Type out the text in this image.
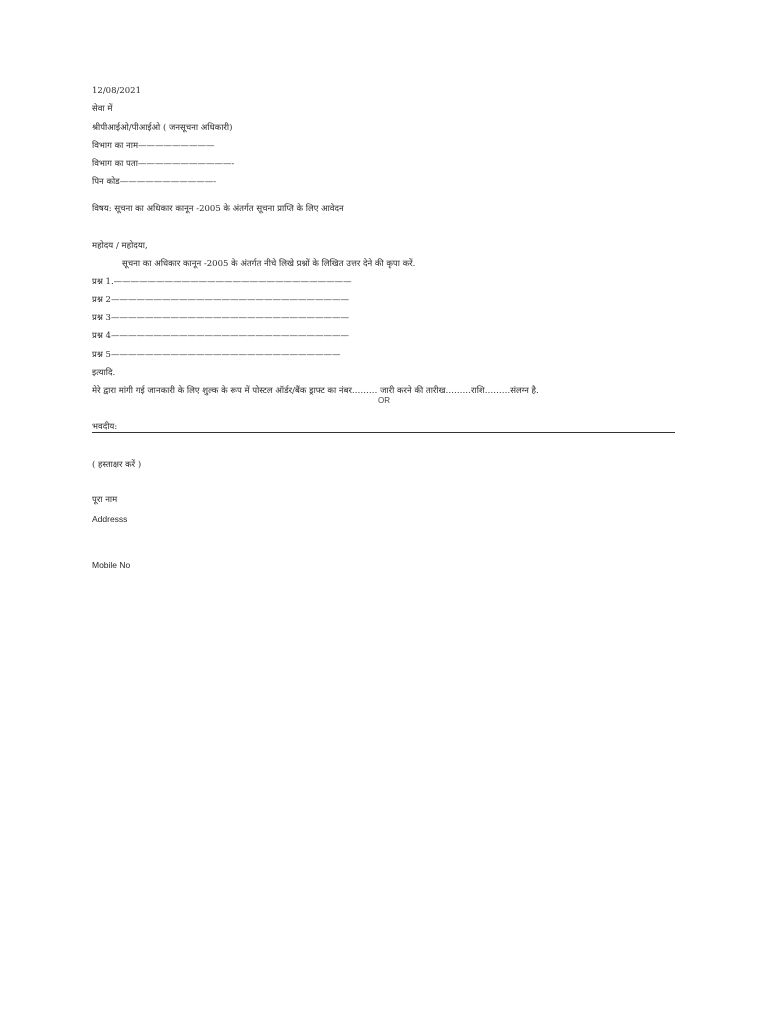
12/08/2021
सेवा में
श्रीपीआईओ/पीआईओ ( जनसूचना अधिकारी)
विभाग का नाम—————————
विभाग का पता———————————-
पिन कोड———————————-
विषय: सूचना का अधिकार कानून -2005 के अंतर्गत सूचना प्राप्ति के लिए आवेदन
महोदय / महोदया,
सूचना का अधिकार कानून -2005 के अंतर्गत नीचे लिखे प्रश्नों के लिखित उत्तर देने की कृपा करें.
प्रश्न 1.————————————————————————————
प्रश्न 2————————————————————————————
प्रश्न 3————————————————————————————
प्रश्न 4————————————————————————————
प्रश्न 5———————————————————————————
इत्यादि.
मेरे द्वारा मांगी गई जानकारी के लिए शुल्क के रूप में पोस्टल ऑर्डर/बैंक ड्राफ्ट का नंबर……… जारी करने की तारीख………राशि………संलग्न है.
OR
भवदीय:
( हस्ताक्षर करें )
पूरा नाम
Addresss
Mobile No
